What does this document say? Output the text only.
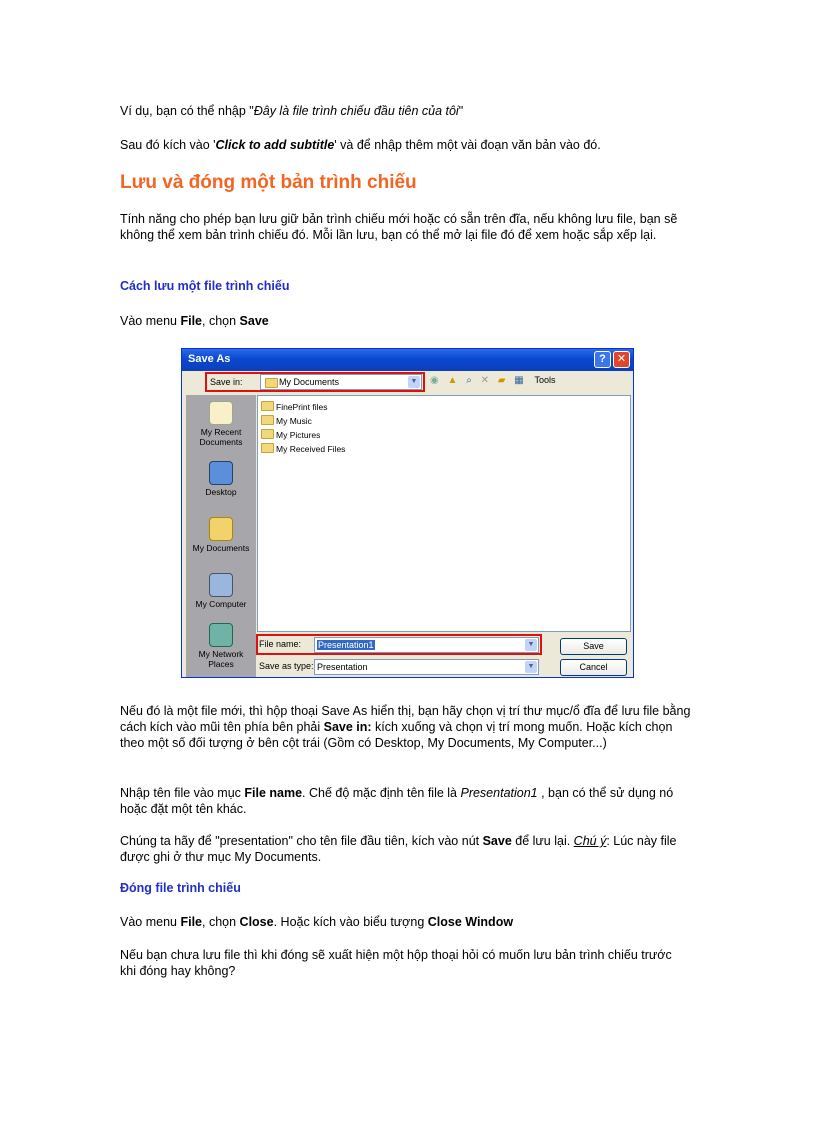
Ví dụ, bạn có thể nhập "Đây là file trình chiếu đầu tiên của tôi"

Sau đó kích vào 'Click to add subtitle' và để nhập thêm một vài đoạn văn bản vào đó.

Lưu và đóng một bản trình chiếu

Tính năng cho phép bạn lưu giữ bản trình chiếu mới hoặc có sẵn trên đĩa, nếu không lưu file, bạn sẽ không thể xem bản trình chiếu đó. Mỗi lần lưu, bạn có thể mở lại file đó để xem hoặc sắp xếp lại.

Cách lưu một file trình chiếu

Vào menu File, chọn Save

Save As	?	✕
Save in:	My Documents	▼ ◉ ▲ ⌕ ✕ ▰ ▦ Tools
My Recent Documents
Desktop
My Documents
My Computer
My Network Places
FinePrint files
My Music
My Pictures
My Received Files
File name: Presentation1	▼
Save as type: Presentation	▼
Save
Cancel

Nếu đó là một file mới, thì hộp thoại Save As hiển thị, bạn hãy chọn vị trí thư mục/ổ đĩa để lưu file bằng cách kích vào mũi tên phía bên phải Save in: kích xuống và chọn vị trí mong muốn. Hoặc kích chọn theo một số đối tượng ở bên cột trái (Gồm có Desktop, My Documents, My Computer...)

Nhập tên file vào mục File name. Chế độ mặc định tên file là Presentation1 , bạn có thể sử dụng nó hoặc đặt một tên khác.

Chúng ta hãy để "presentation" cho tên file đầu tiên, kích vào nút Save để lưu lại. Chú ý: Lúc này file được ghi ở thư mục My Documents.

Đóng file trình chiếu

Vào menu File, chọn Close. Hoặc kích vào biểu tượng Close Window

Nếu bạn chưa lưu file thì khi đóng sẽ xuất hiện một hộp thoại hỏi có muốn lưu bản trình chiếu trước khi đóng hay không?
